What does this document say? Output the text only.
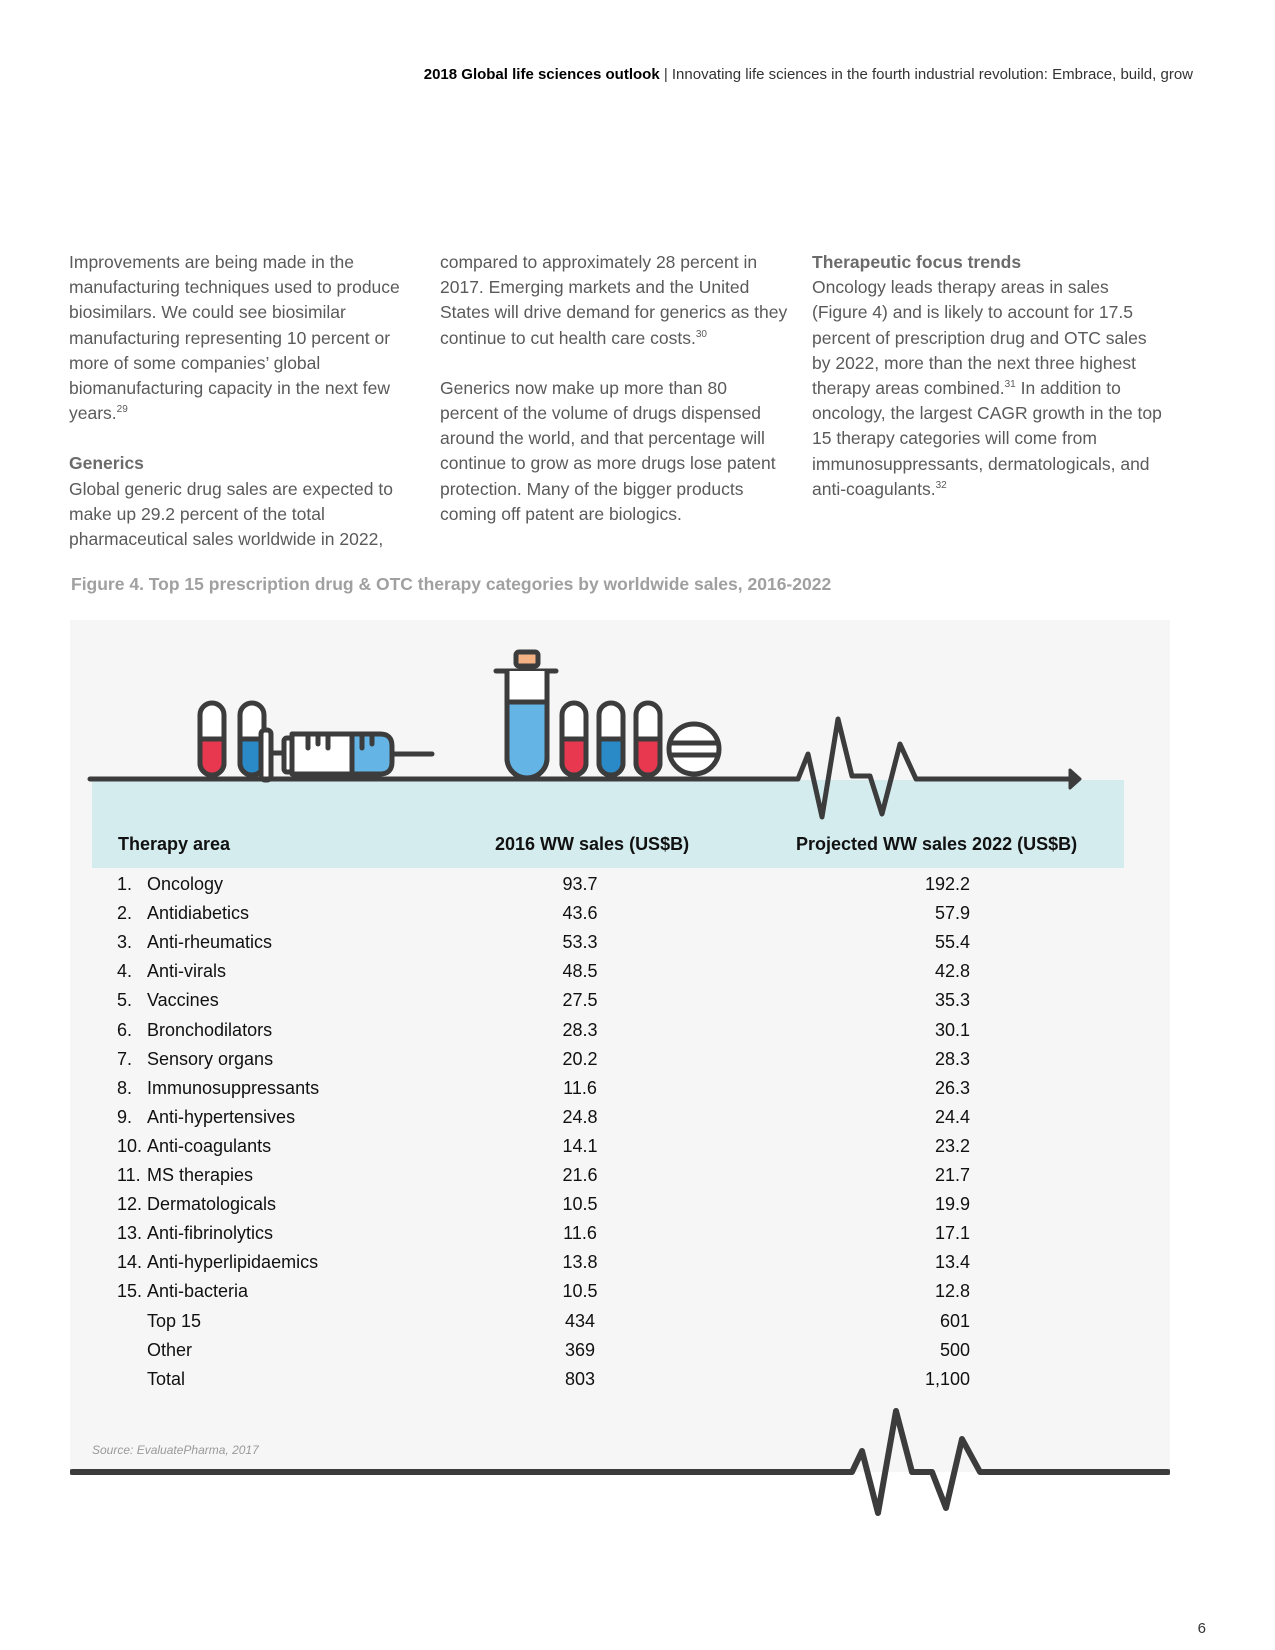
2018 Global life sciences outlook | Innovating life sciences in the fourth industrial revolution: Embrace, build, grow

Improvements are being made in the manufacturing techniques used to produce biosimilars. We could see biosimilar manufacturing representing 10 percent or more of some companies’ global biomanufacturing capacity in the next few years.$^{29}$

Generics

Global generic drug sales are expected to make up 29.2 percent of the total pharmaceutical sales worldwide in 2022,

compared to approximately 28 percent in 2017. Emerging markets and the United States will drive demand for generics as they continue to cut health care costs.$^{30}$

Generics now make up more than 80 percent of the volume of drugs dispensed around the world, and that percentage will continue to grow as more drugs lose patent protection. Many of the bigger products coming off patent are biologics.

Therapeutic focus trends

Oncology leads therapy areas in sales (Figure 4) and is likely to account for 17.5 percent of prescription drug and OTC sales by 2022, more than the next three highest therapy areas combined.$^{31}$ In addition to oncology, the largest CAGR growth in the top 15 therapy categories will come from immunosuppressants, dermatologicals, and anti-coagulants.$^{32}$

Figure 4. Top 15 prescription drug & OTC therapy categories by worldwide sales, 2016-2022
Therapy area	2016 WW sales (US$B)	Projected WW sales 2022 (US$B)
1. Oncology	93.7	192.2
2. Antidiabetics	43.6	57.9
3. Anti-rheumatics	53.3	55.4
4. Anti-virals	48.5	42.8
5. Vaccines	27.5	35.3
6. Bronchodilators	28.3	30.1
7. Sensory organs	20.2	28.3
8. Immunosuppressants	11.6	26.3
9. Anti-hypertensives	24.8	24.4
10. Anti-coagulants	14.1	23.2
11. MS therapies	21.6	21.7
12. Dermatologicals	10.5	19.9
13. Anti-fibrinolytics	11.6	17.1
14. Anti-hyperlipidaemics	13.8	13.4
15. Anti-bacteria	10.5	12.8
Top 15	434	601
Other	369	500
Total	803	1,100
Source: EvaluatePharma, 2017
6
